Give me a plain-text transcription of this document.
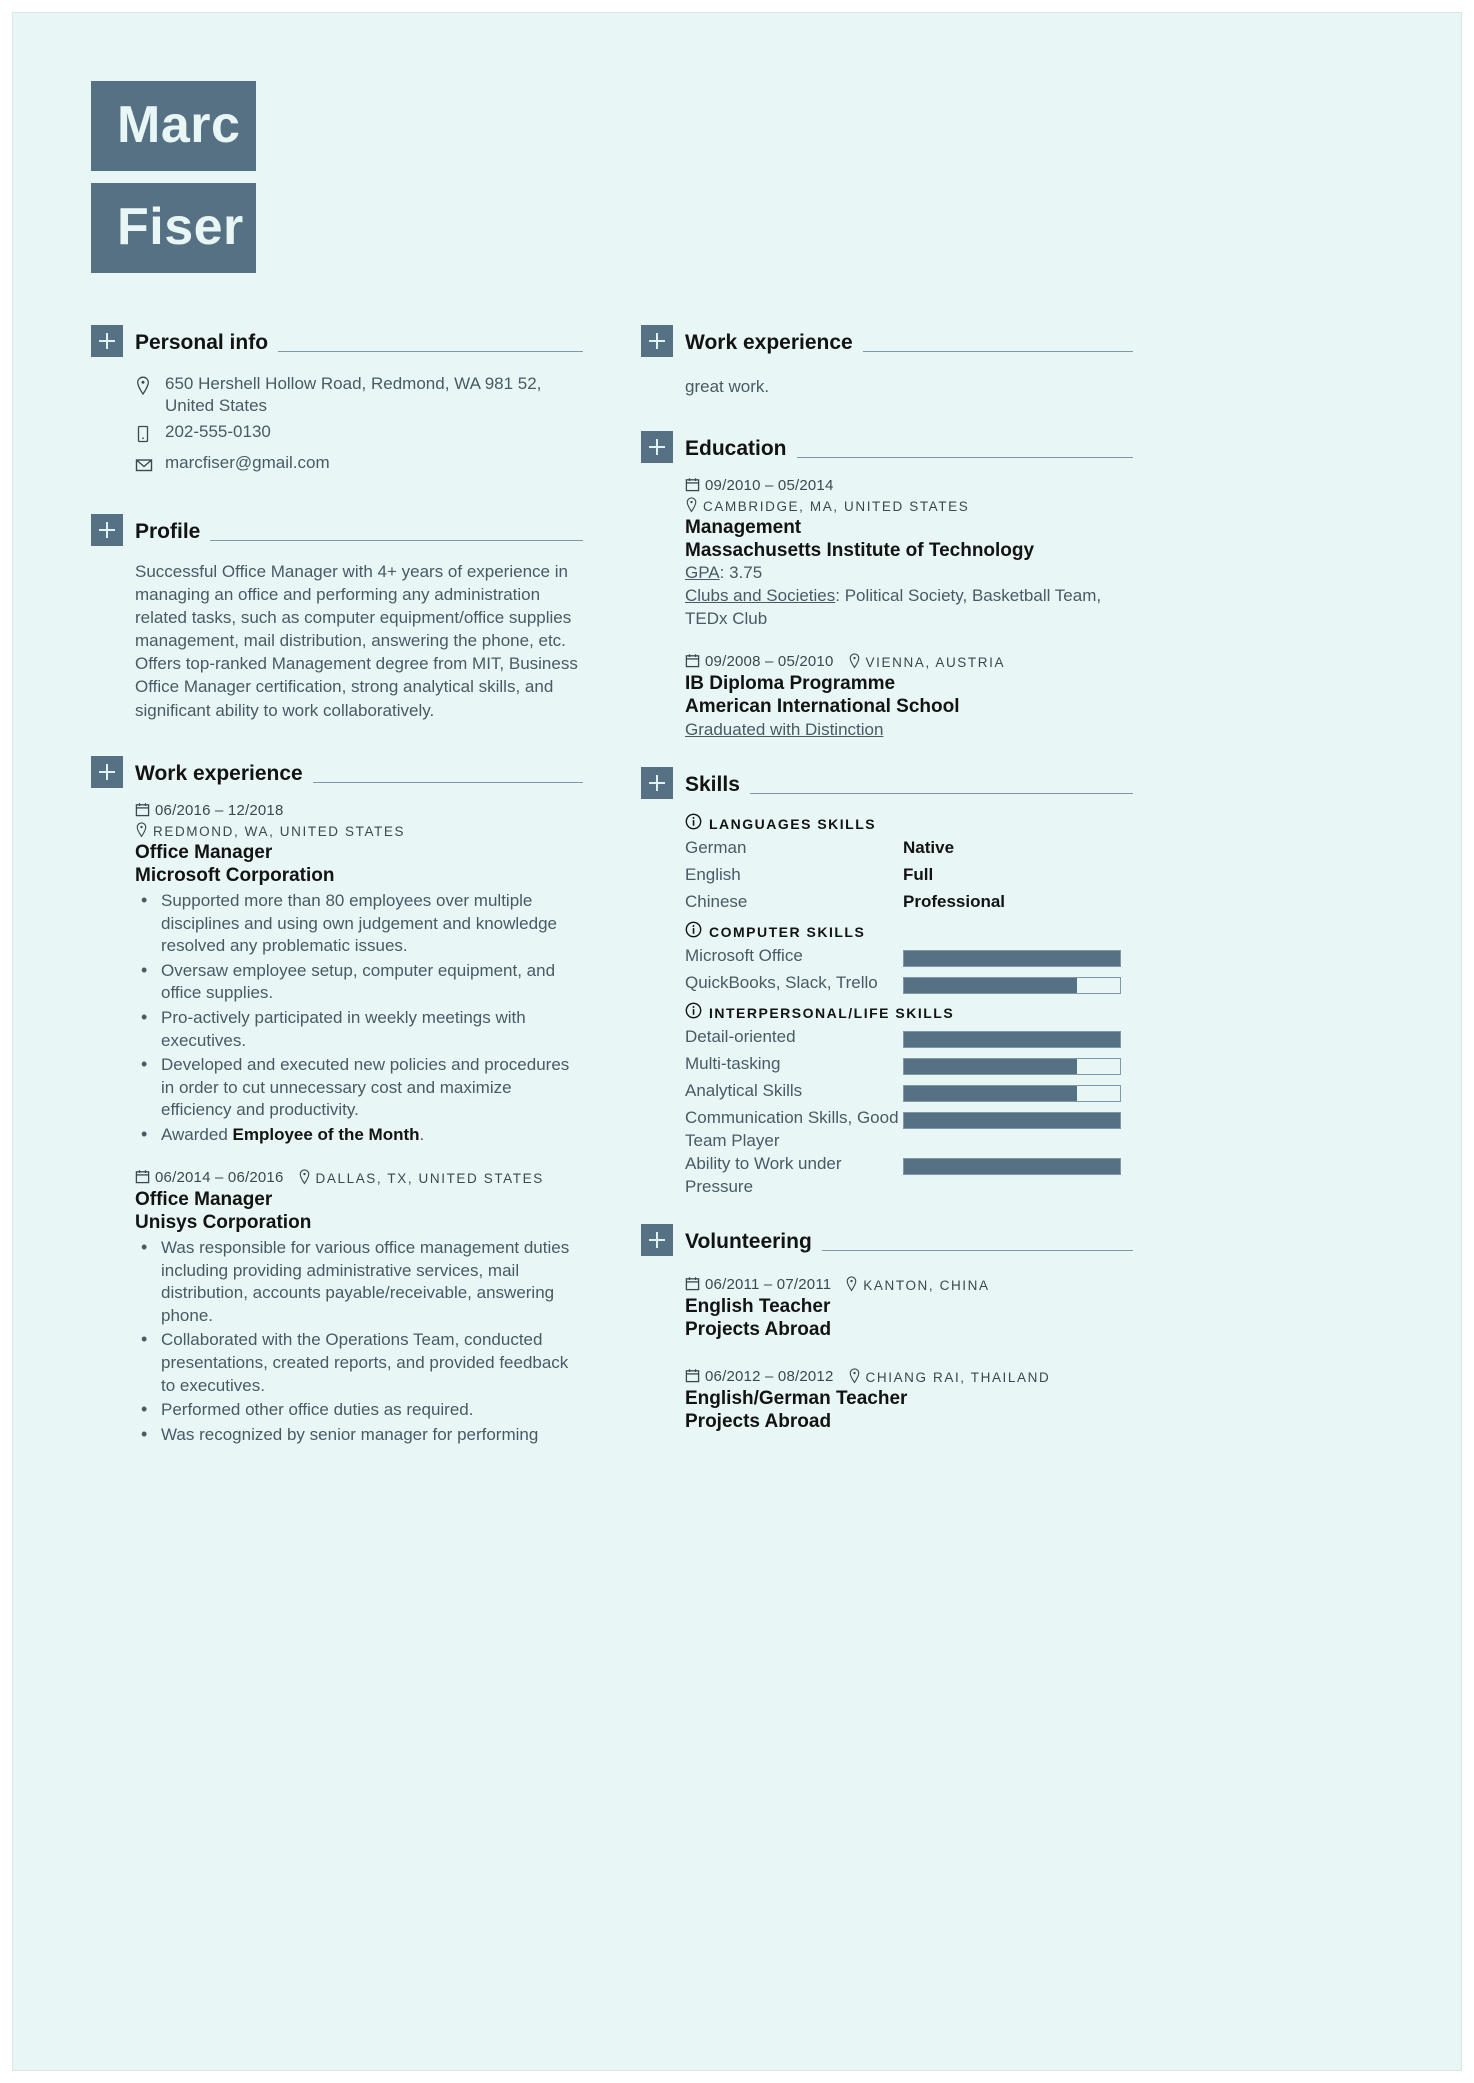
Marc
Fiser
Personal info
650 Hershell Hollow Road, Redmond, WA 981 52, United States
202-555-0130
marcfiser@gmail.com
Profile
Successful Office Manager with 4+ years of experience in managing an office and performing any administration related tasks, such as computer equipment/office supplies management, mail distribution, answering the phone, etc.
Offers top-ranked Management degree from MIT, Business Office Manager certification, strong analytical skills, and significant ability to work collaboratively.
Work experience
06/2016 – 12/2018
REDMOND, WA, UNITED STATES
Office Manager
Microsoft Corporation
• Supported more than 80 employees over multiple disciplines and using own judgement and knowledge resolved any problematic issues.
• Oversaw employee setup, computer equipment, and office supplies.
• Pro-actively participated in weekly meetings with executives.
• Developed and executed new policies and procedures in order to cut unnecessary cost and maximize efficiency and productivity.
• Awarded Employee of the Month.
06/2014 – 06/2016	DALLAS, TX, UNITED STATES
Office Manager
Unisys Corporation
• Was responsible for various office management duties including providing administrative services, mail distribution, accounts payable/receivable, answering phone.
• Collaborated with the Operations Team, conducted presentations, created reports, and provided feedback to executives.
• Performed other office duties as required.
• Was recognized by senior manager for performing
Work experience
great work.
Education
09/2010 – 05/2014
CAMBRIDGE, MA, UNITED STATES
Management
Massachusetts Institute of Technology
GPA: 3.75
Clubs and Societies: Political Society, Basketball Team, TEDx Club
09/2008 – 05/2010	VIENNA, AUSTRIA
IB Diploma Programme
American International School
Graduated with Distinction
Skills
LANGUAGES SKILLS
German	Native
English	Full
Chinese	Professional
COMPUTER SKILLS
Microsoft Office
QuickBooks, Slack, Trello
INTERPERSONAL/LIFE SKILLS
Detail-oriented
Multi-tasking
Analytical Skills
Communication Skills, Good Team Player
Ability to Work under Pressure
Volunteering
06/2011 – 07/2011	KANTON, CHINA
English Teacher
Projects Abroad
06/2012 – 08/2012	CHIANG RAI, THAILAND
English/German Teacher
Projects Abroad
